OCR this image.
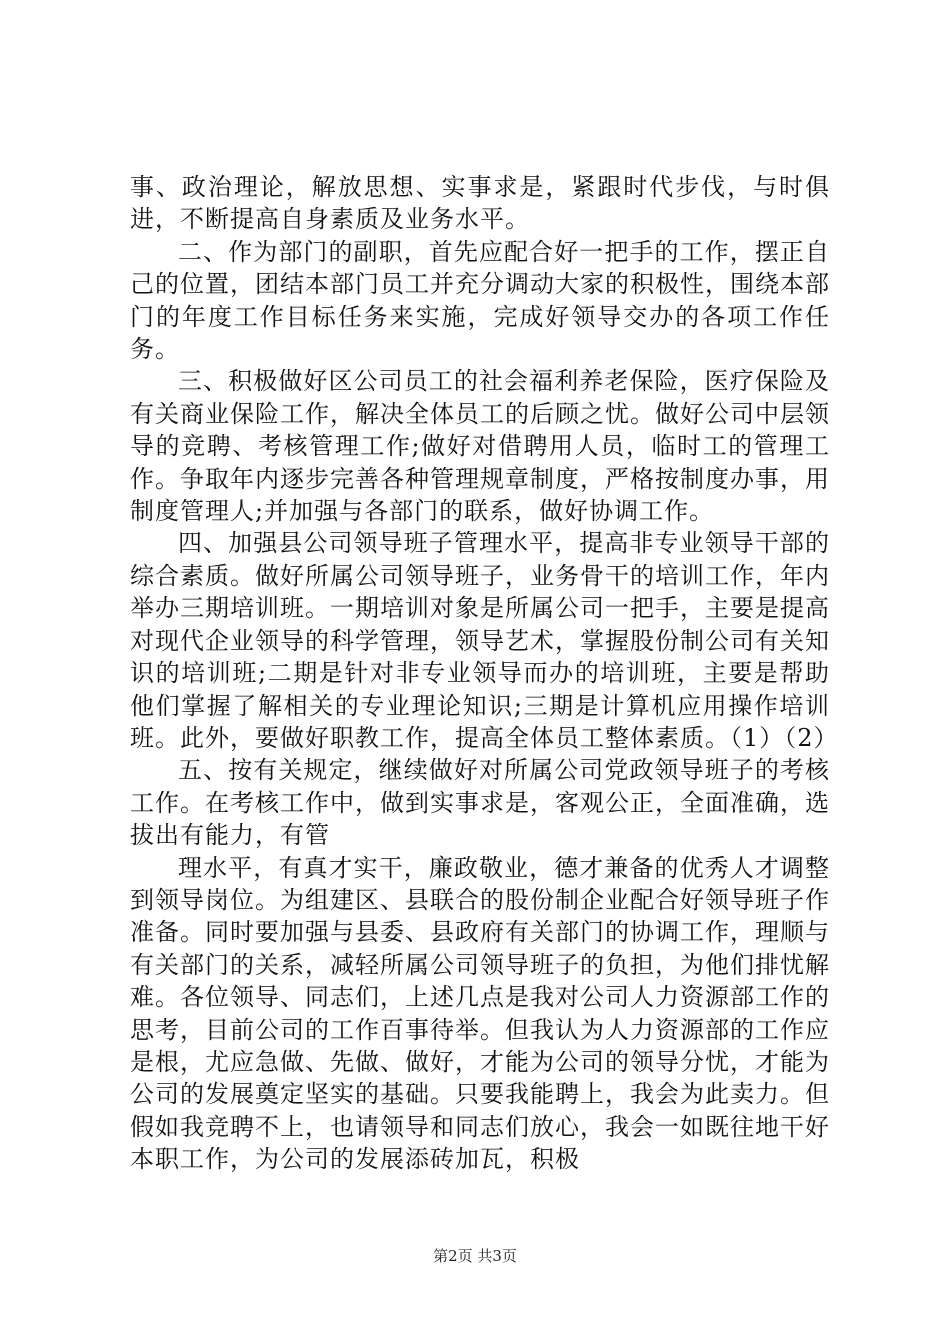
事、政治理论，解放思想、实事求是，紧跟时代步伐，与时俱进，不断提高自身素质及业务水平。

二、作为部门的副职，首先应配合好一把手的工作，摆正自己的位置，团结本部门员工并充分调动大家的积极性，围绕本部门的年度工作目标任务来实施，完成好领导交办的各项工作任务。

三、积极做好区公司员工的社会福利养老保险，医疗保险及有关商业保险工作，解决全体员工的后顾之忧。做好公司中层领导的竞聘、考核管理工作;做好对借聘用人员，临时工的管理工作。争取年内逐步完善各种管理规章制度，严格按制度办事，用制度管理人;并加强与各部门的联系，做好协调工作。

四、加强县公司领导班子管理水平，提高非专业领导干部的综合素质。做好所属公司领导班子，业务骨干的培训工作，年内举办三期培训班。一期培训对象是所属公司一把手，主要是提高对现代企业领导的科学管理，领导艺术，掌握股份制公司有关知识的培训班;二期是针对非专业领导而办的培训班，主要是帮助他们掌握了解相关的专业理论知识;三期是计算机应用操作培训班。此外，要做好职教工作，提高全体员工整体素质。（1）（2）

五、按有关规定，继续做好对所属公司党政领导班子的考核工作。在考核工作中，做到实事求是，客观公正，全面准确，选拔出有能力，有管

理水平，有真才实干，廉政敬业，德才兼备的优秀人才调整到领导岗位。为组建区、县联合的股份制企业配合好领导班子作准备。同时要加强与县委、县政府有关部门的协调工作，理顺与有关部门的关系，减轻所属公司领导班子的负担，为他们排忧解难。各位领导、同志们，上述几点是我对公司人力资源部工作的思考，目前公司的工作百事待举。但我认为人力资源部的工作应是根，尤应急做、先做、做好，才能为公司的领导分忧，才能为公司的发展奠定坚实的基础。只要我能聘上，我会为此卖力。但假如我竞聘不上，也请领导和同志们放心，我会一如既往地干好本职工作，为公司的发展添砖加瓦，积极

第2页 共3页
